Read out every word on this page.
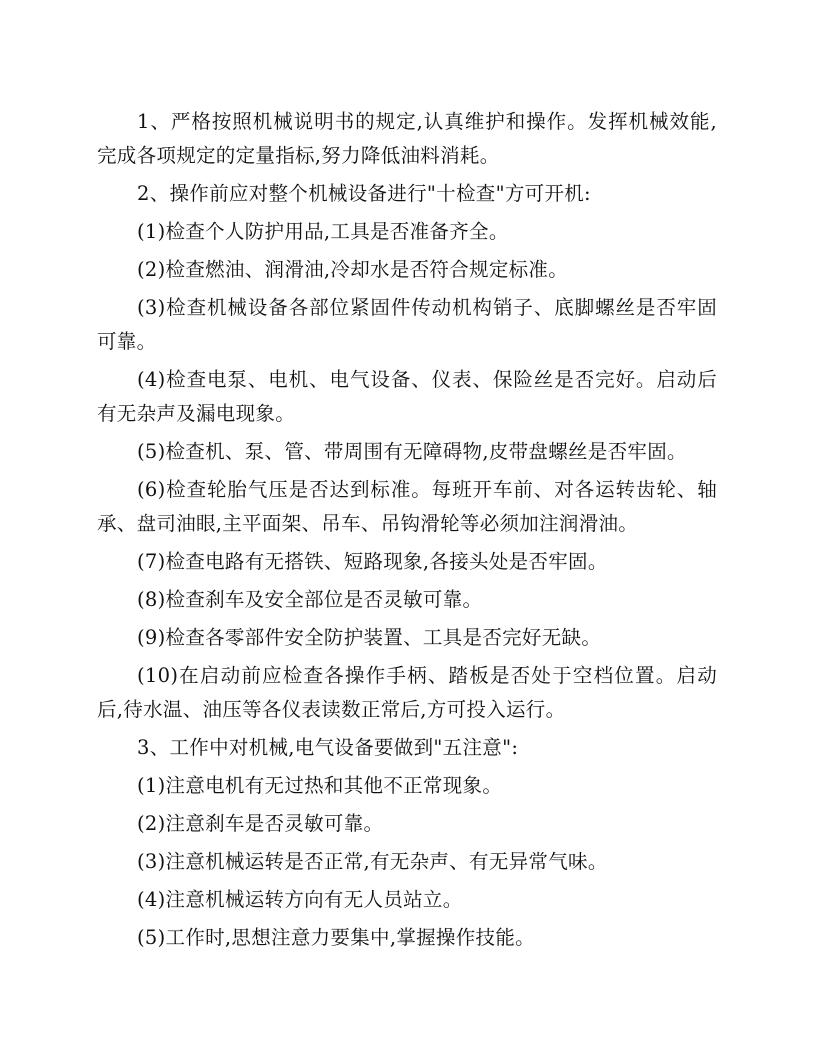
1、严格按照机械说明书的规定,认真维护和操作。发挥机械效能,完成各项规定的定量指标,努力降低油料消耗。

2、操作前应对整个机械设备进行"十检查"方可开机:

(1)检查个人防护用品,工具是否准备齐全。

(2)检查燃油、润滑油,冷却水是否符合规定标准。

(3)检查机械设备各部位紧固件传动机构销子、底脚螺丝是否牢固可靠。

(4)检查电泵、电机、电气设备、仪表、保险丝是否完好。启动后有无杂声及漏电现象。

(5)检查机、泵、管、带周围有无障碍物,皮带盘螺丝是否牢固。

(6)检查轮胎气压是否达到标准。每班开车前、对各运转齿轮、轴承、盘司油眼,主平面架、吊车、吊钩滑轮等必须加注润滑油。

(7)检查电路有无搭铁、短路现象,各接头处是否牢固。

(8)检查刹车及安全部位是否灵敏可靠。

(9)检查各零部件安全防护装置、工具是否完好无缺。

(10)在启动前应检查各操作手柄、踏板是否处于空档位置。启动后,待水温、油压等各仪表读数正常后,方可投入运行。

3、工作中对机械,电气设备要做到"五注意":

(1)注意电机有无过热和其他不正常现象。

(2)注意刹车是否灵敏可靠。

(3)注意机械运转是否正常,有无杂声、有无异常气味。

(4)注意机械运转方向有无人员站立。

(5)工作时,思想注意力要集中,掌握操作技能。
